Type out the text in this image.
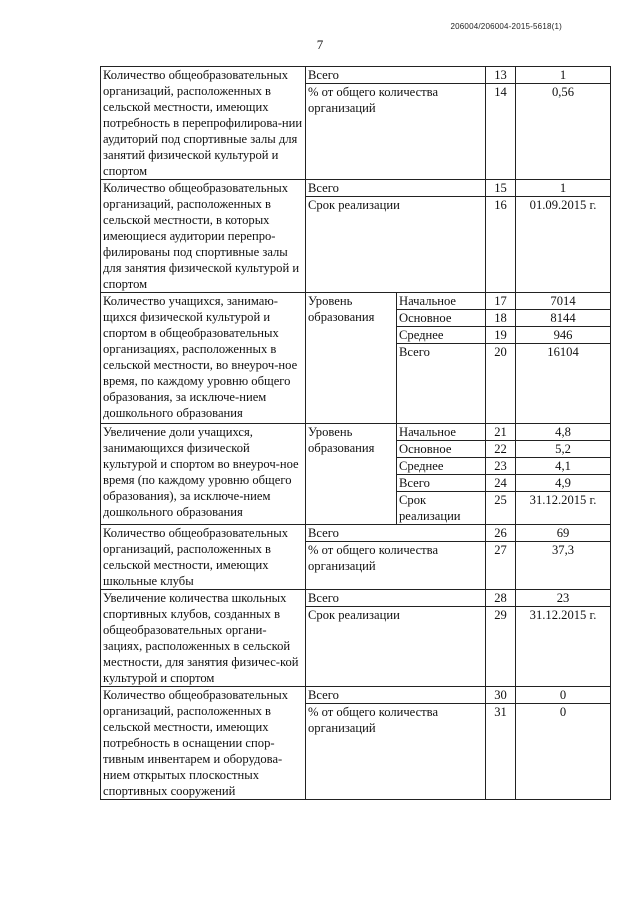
206004/206004-2015-5618(1)
7
Количество общеобразовательных организаций, расположенных в сельской местности, имеющих потребность в перепрофилирова-нии аудиторий под спортивные залы для занятий физической культурой и спортом	Всего		13	1
	% от общего количества организаций		14	0,56
Количество общеобразовательных организаций, расположенных в сельской местности, в которых имеющиеся аудитории перепро-филированы под спортивные залы для занятия физической культурой и спортом	Всего		15	1
	Срок реализации		16	01.09.2015 г.
Количество учащихся, занимаю-щихся физической культурой и спортом в общеобразовательных организациях, расположенных в сельской местности, во внеуроч-ное время, по каждому уровню общего образования, за исключе-нием дошкольного образования	Уровень образования	Начальное	17	7014
		Основное	18	8144
		Среднее	19	946
		Всего	20	16104
Увеличение доли учащихся, занимающихся физической культурой и спортом во внеуроч-ное время (по каждому уровню общего образования), за исключе-нием дошкольного образования	Уровень образования	Начальное	21	4,8
		Основное	22	5,2
		Среднее	23	4,1
		Всего	24	4,9
		Срок реализации	25	31.12.2015 г.
Количество общеобразовательных организаций, расположенных в сельской местности, имеющих школьные клубы	Всего		26	69
	% от общего количества организаций		27	37,3
Увеличение количества школьных спортивных клубов, созданных в общеобразовательных органи-зациях, расположенных в сельской местности, для занятия физичес-кой культурой и спортом	Всего		28	23
	Срок реализации		29	31.12.2015 г.
Количество общеобразовательных организаций, расположенных в сельской местности, имеющих потребность в оснащении спор-тивным инвентарем и оборудова-нием открытых плоскостных спортивных сооружений	Всего		30	0
	% от общего количества организаций		31	0
